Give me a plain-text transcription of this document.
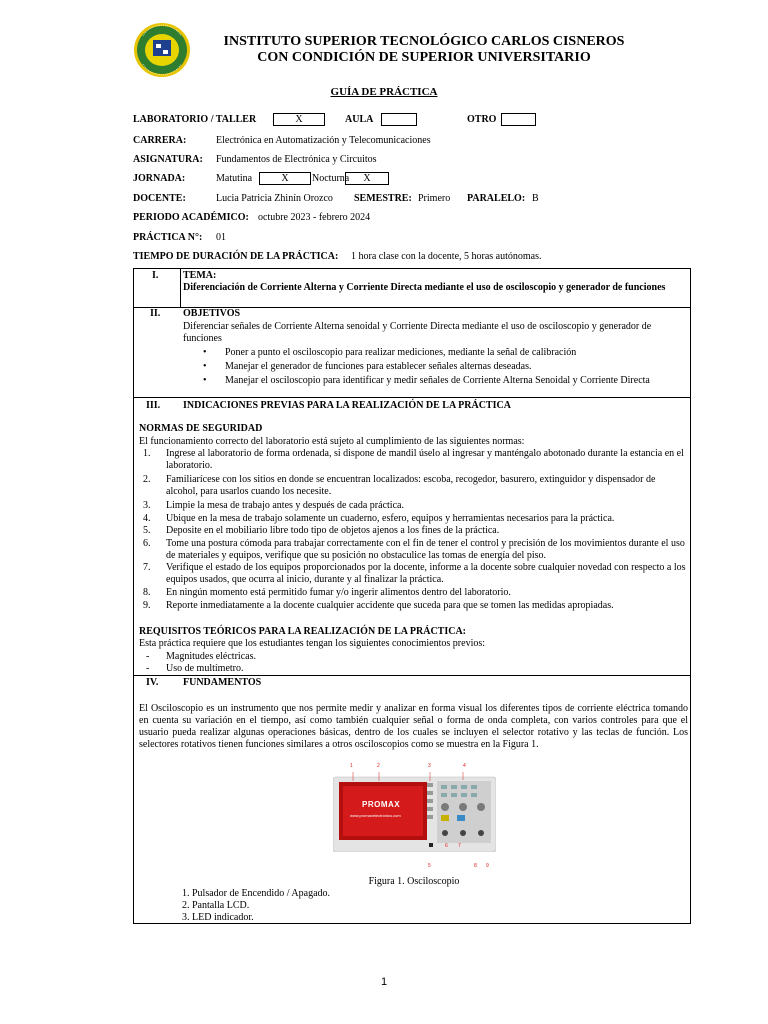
INSTITUTO SUPERIOR TECNOLÓGICO CARLOS CISNEROS
CON CONDICIÓN DE SUPERIOR UNIVERSITARIO
GUÍA DE PRÁCTICA
LABORATORIO / TALLER	X	AULA	OTRO
CARRERA:	Electrónica en Automatización y Telecomunicaciones
ASIGNATURA: Fundamentos de Electrónica y Circuitos
JORNADA:	Matutina	X	Nocturna	X
DOCENTE:	Lucia Patricia Zhinín Orozco SEMESTRE: Primero PARALELO: B
PERIODO ACADÉMICO: octubre 2023 - febrero 2024
PRÁCTICA N°: 01
TIEMPO DE DURACIÓN DE LA PRÁCTICA: 1 hora clase con la docente, 5 horas autónomas.
I. TEMA:
Diferenciación de Corriente Alterna y Corriente Directa mediante el uso de osciloscopio y generador de funciones
II. OBJETIVOS
Diferenciar señales de Corriente Alterna senoidal y Corriente Directa mediante el uso de osciloscopio y generador de funciones
• Poner a punto el osciloscopio para realizar mediciones, mediante la señal de calibración
• Manejar el generador de funciones para establecer señales alternas deseadas.
• Manejar el osciloscopio para identificar y medir señales de Corriente Alterna Senoidal y Corriente Directa
III. INDICACIONES PREVIAS PARA LA REALIZACIÓN DE LA PRÁCTICA
NORMAS DE SEGURIDAD
El funcionamiento correcto del laboratorio está sujeto al cumplimiento de las siguientes normas:
1. Ingrese al laboratorio de forma ordenada, si dispone de mandil úselo al ingresar y manténgalo abotonado durante la estancia en el laboratorio.
2. Familiarícese con los sitios en donde se encuentran localizados: escoba, recogedor, basurero, extinguidor y dispensador de alcohol, para usarlos cuando los necesite.
3. Limpie la mesa de trabajo antes y después de cada práctica.
4. Ubique en la mesa de trabajo solamente un cuaderno, esfero, equipos y herramientas necesarios para la práctica.
5. Deposite en el mobiliario libre todo tipo de objetos ajenos a los fines de la práctica.
6. Tome una postura cómoda para trabajar correctamente con el fin de tener el control y precisión de los movimientos durante el uso de materiales y equipos, verifique que su posición no obstaculice las tomas de energía del piso.
7. Verifique el estado de los equipos proporcionados por la docente, informe a la docente sobre cualquier novedad con respecto a los equipos usados, que ocurra al inicio, durante y al finalizar la práctica.
8. En ningún momento está permitido fumar y/o ingerir alimentos dentro del laboratorio.
9. Reporte inmediatamente a la docente cualquier accidente que suceda para que se tomen las medidas apropiadas.
REQUISITOS TEÓRICOS PARA LA REALIZACIÓN DE LA PRÁCTICA:
Esta práctica requiere que los estudiantes tengan los siguientes conocimientos previos:
- Magnitudes eléctricas.
- Uso de multímetro.
IV. FUNDAMENTOS
El Osciloscopio es un instrumento que nos permite medir y analizar en forma visual los diferentes tipos de corriente eléctrica tomando en cuenta su variación en el tiempo, así como también cualquier señal o forma de onda completa, con varios controles para que el usuario pueda realizar algunas operaciones básicas, dentro de los cuales se incluyen el selector rotativo y las teclas de función. Los selectores rotativos tienen funciones similares a otros osciloscopios como se muestra en la Figura 1.
PROMAX
www.promaxelectronics.com
1	2	3	4
5
6 7
8 9
Figura 1. Osciloscopio
1. Pulsador de Encendido / Apagado.
2. Pantalla LCD.
3. LED indicador.
1
